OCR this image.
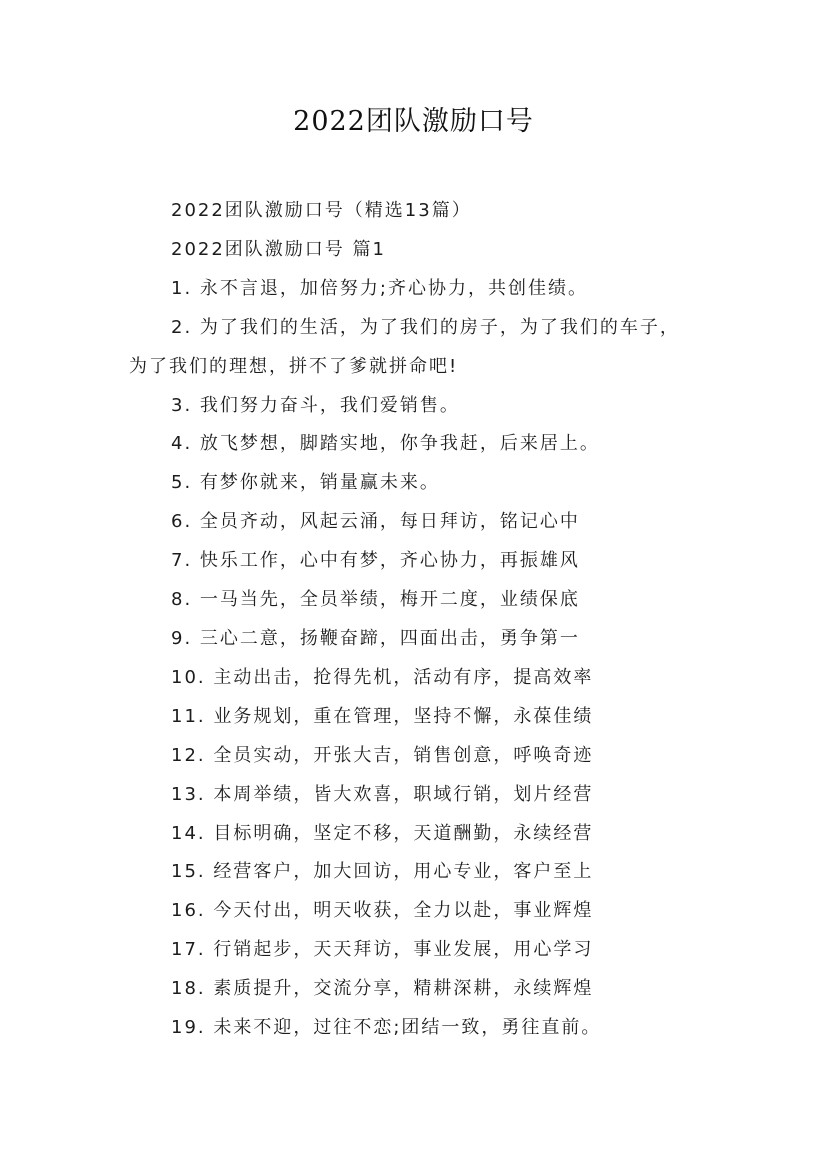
2022团队激励口号

2022团队激励口号（精选13篇）

2022团队激励口号 篇1

1. 永不言退，加倍努力;齐心协力，共创佳绩。

2. 为了我们的生活，为了我们的房子，为了我们的车子，为了我们的理想，拼不了爹就拼命吧!

3. 我们努力奋斗，我们爱销售。

4. 放飞梦想，脚踏实地，你争我赶，后来居上。

5. 有梦你就来，销量赢未来。

6. 全员齐动，风起云涌，每日拜访，铭记心中

7. 快乐工作，心中有梦，齐心协力，再振雄风

8. 一马当先，全员举绩，梅开二度，业绩保底

9. 三心二意，扬鞭奋蹄，四面出击，勇争第一

10. 主动出击，抢得先机，活动有序，提高效率

11. 业务规划，重在管理，坚持不懈，永葆佳绩

12. 全员实动，开张大吉，销售创意，呼唤奇迹

13. 本周举绩，皆大欢喜，职域行销，划片经营

14. 目标明确，坚定不移，天道酬勤，永续经营

15. 经营客户，加大回访，用心专业，客户至上

16. 今天付出，明天收获，全力以赴，事业辉煌

17. 行销起步，天天拜访，事业发展，用心学习

18. 素质提升，交流分享，精耕深耕，永续辉煌

19. 未来不迎，过往不恋;团结一致，勇往直前。
